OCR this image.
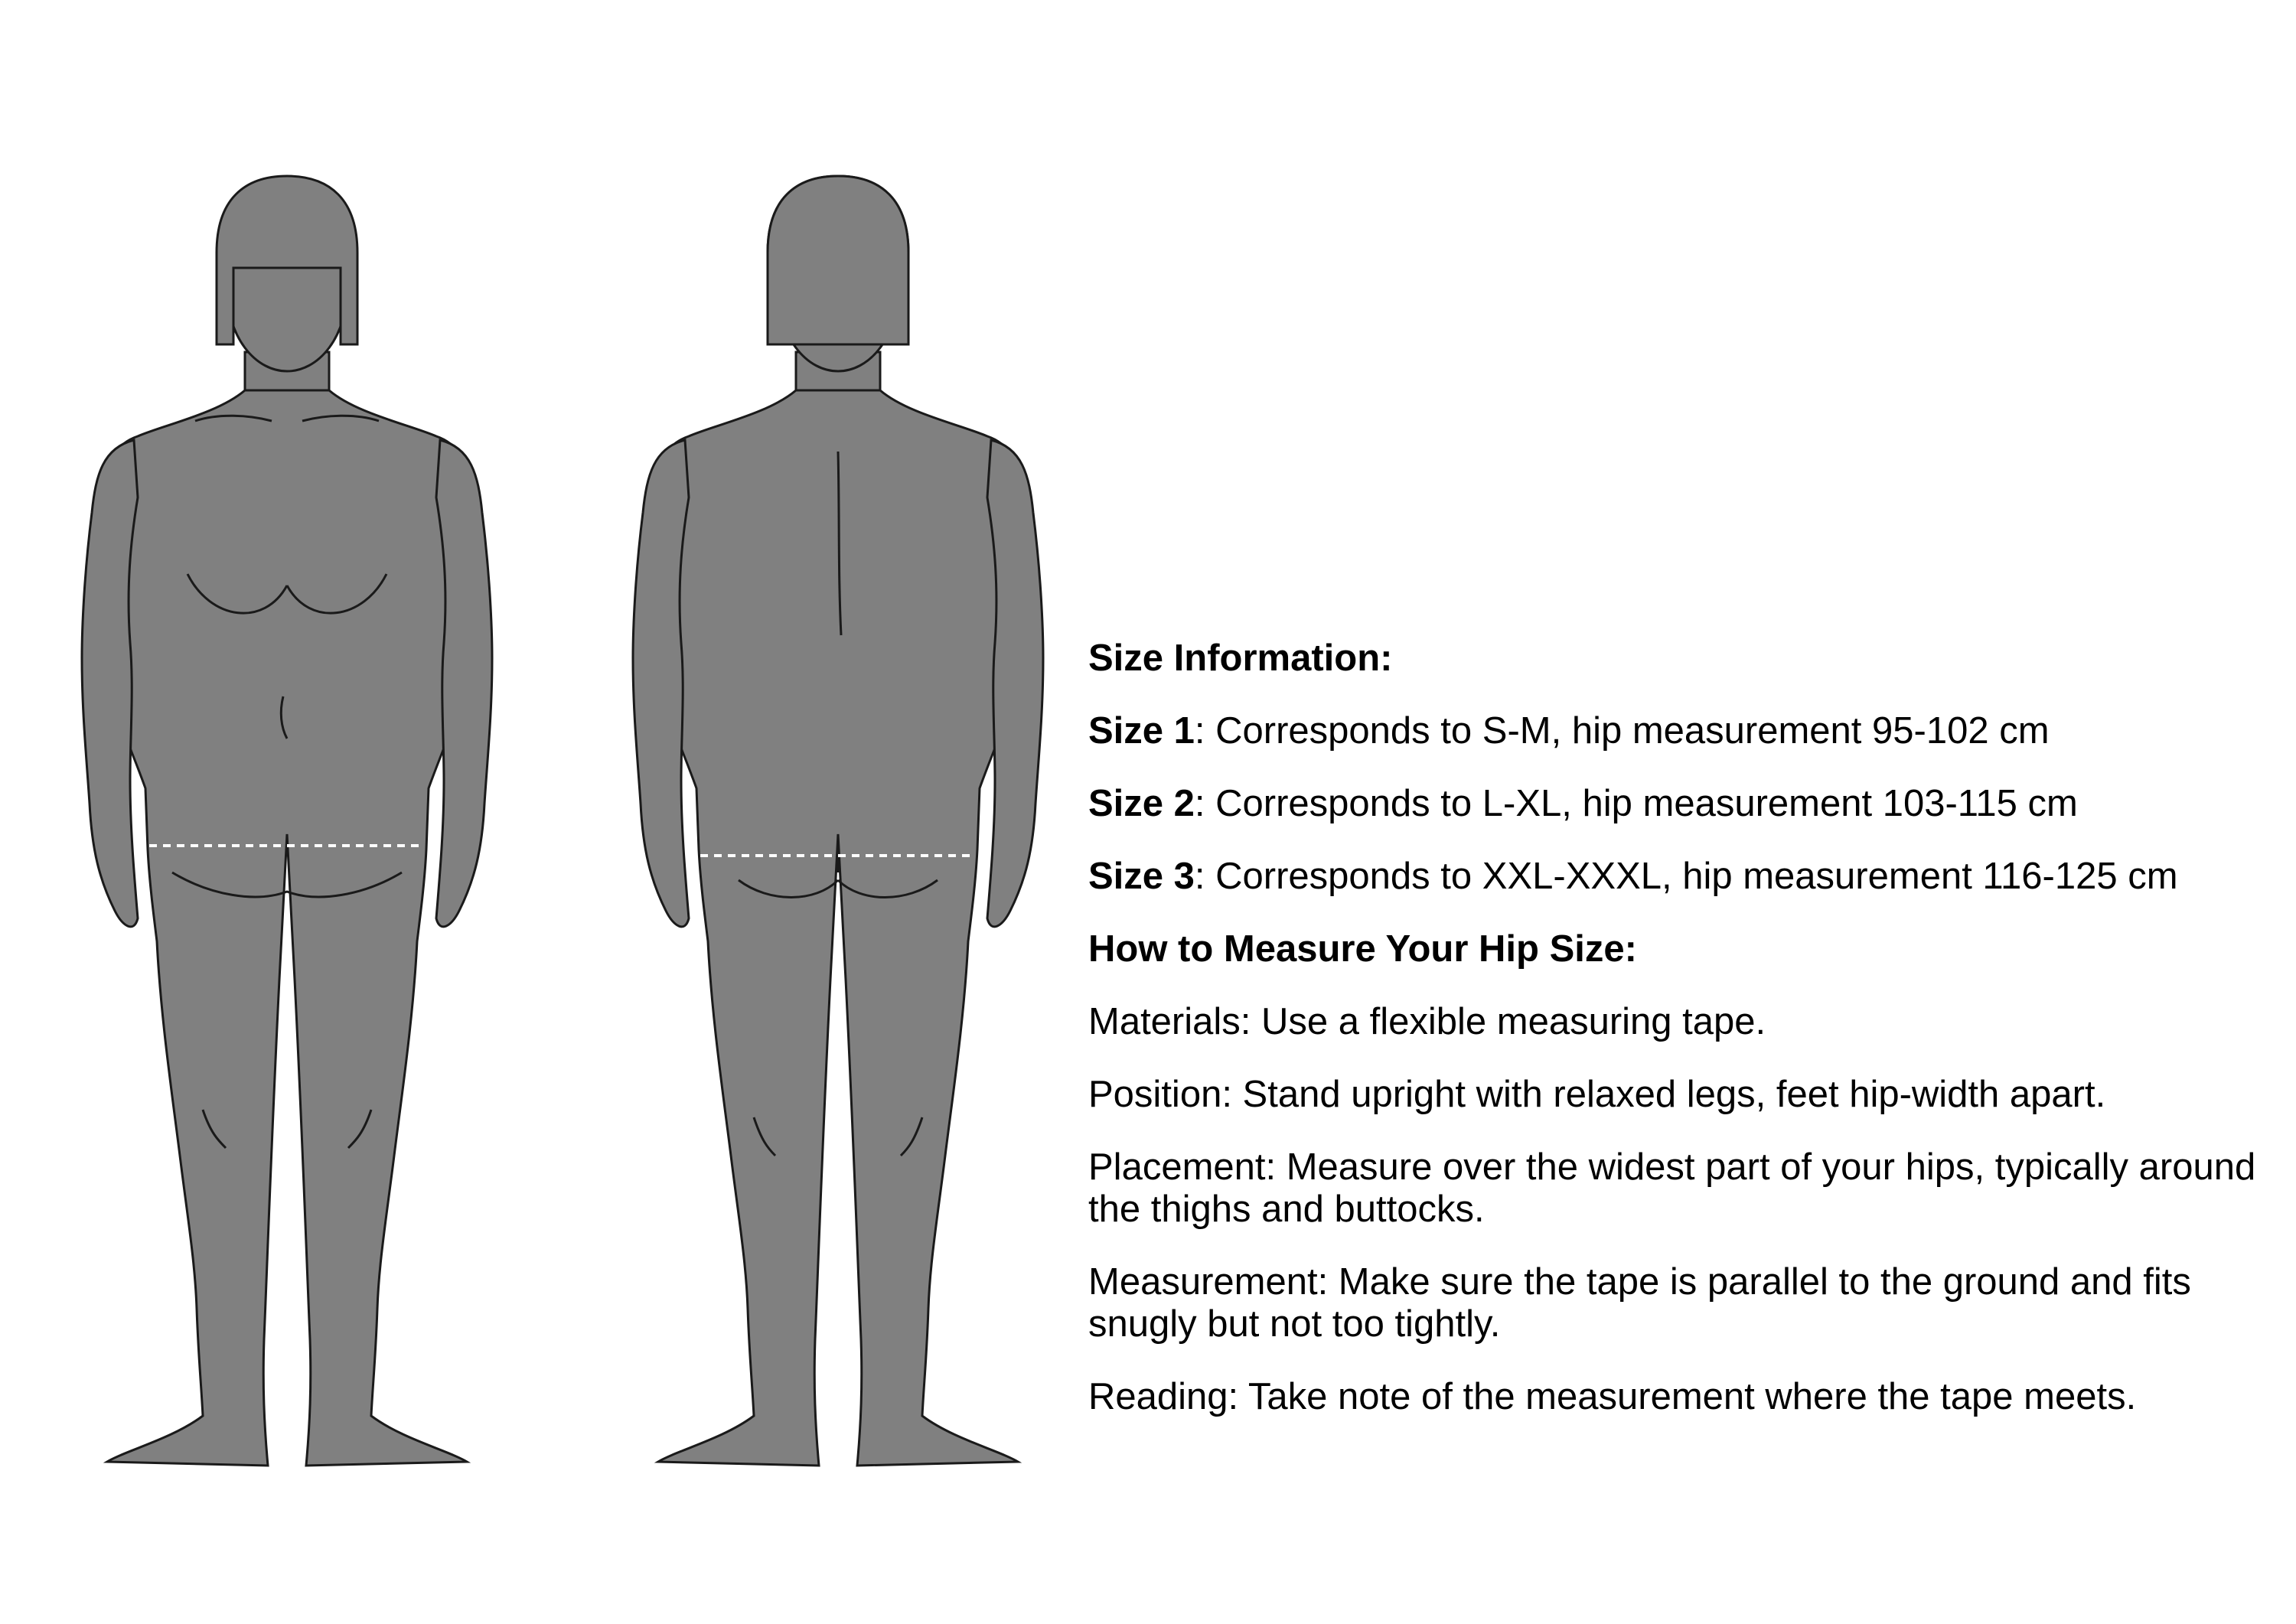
Size Information:

Size 1: Corresponds to S-M, hip measurement 95-102 cm

Size 2: Corresponds to L-XL, hip measurement 103-115 cm

Size 3: Corresponds to XXL-XXXL, hip measurement 116-125 cm

How to Measure Your Hip Size:

Materials: Use a flexible measuring tape.

Position: Stand upright with relaxed legs, feet hip-width apart.

Placement: Measure over the widest part of your hips, typically around the thighs and buttocks.

Measurement: Make sure the tape is parallel to the ground and fits snugly but not too tightly.

Reading: Take note of the measurement where the tape meets.
